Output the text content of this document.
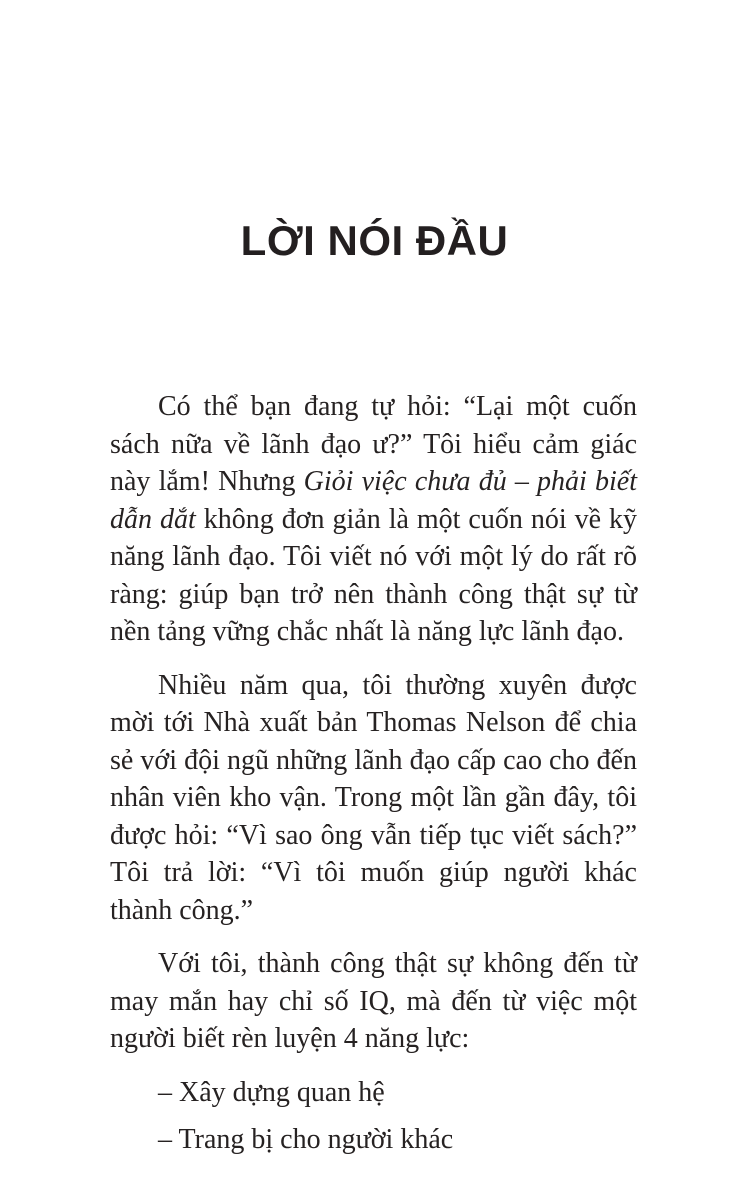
LỜI NÓI ĐẦU

Có thể bạn đang tự hỏi: “Lại một cuốn sách nữa về lãnh đạo ư?” Tôi hiểu cảm giác này lắm! Nhưng Giỏi việc chưa đủ – phải biết dẫn dắt không đơn giản là một cuốn nói về kỹ năng lãnh đạo. Tôi viết nó với một lý do rất rõ ràng: giúp bạn trở nên thành công thật sự từ nền tảng vững chắc nhất là năng lực lãnh đạo.

Nhiều năm qua, tôi thường xuyên được mời tới Nhà xuất bản Thomas Nelson để chia sẻ với đội ngũ những lãnh đạo cấp cao cho đến nhân viên kho vận. Trong một lần gần đây, tôi được hỏi: “Vì sao ông vẫn tiếp tục viết sách?” Tôi trả lời: “Vì tôi muốn giúp người khác thành công.”

Với tôi, thành công thật sự không đến từ may mắn hay chỉ số IQ, mà đến từ việc một người biết rèn luyện 4 năng lực:

– Xây dựng quan hệ

– Trang bị cho người khác
